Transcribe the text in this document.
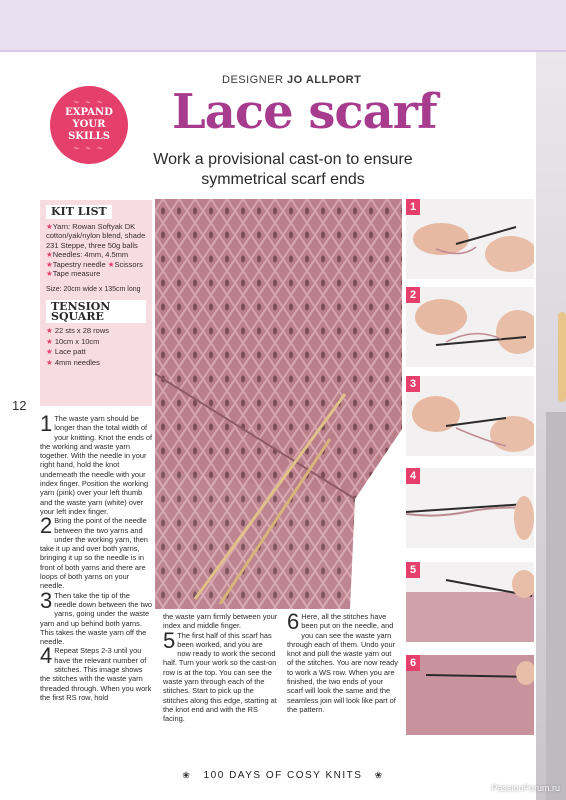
~ ~ ~
EXPAND
YOUR SKILLS
~ ~ ~
DESIGNER JO ALLPORT
Lace scarf
Work a provisional cast-on to ensure
symmetrical scarf ends
KIT LIST
★Yarn: Rowan Softyak DK cotton/yak/nylon blend, shade 231 Steppe, three 50g balls ★Needles: 4mm, 4.5mm ★Tapestry needle ★Scissors
★Tape measure
Size: 20cm wide x 135cm long
TENSION SQUARE
★ 22 sts x 28 rows
★ 10cm x 10cm
★ Lace patt
★ 4mm needles
12

1 The waste yarn should be longer than the total width of your knitting. Knot the ends of the working and waste yarn together. With the needle in your right hand, hold the knot underneath the needle with your index finger. Position the working yarn (pink) over your left thumb and the waste yarn (white) over your left index finger.

2 Bring the point of the needle between the two yarns and under the working yarn, then take it up and over both yarns, bringing it up so the needle is in front of both yarns and there are loops of both yarns on your needle.

3 Then take the tip of the needle down between the two yarns, going under the waste yarn and up behind both yarns. This takes the waste yarn off the needle.

4 Repeat Steps 2-3 until you have the relevant number of stitches. This image shows the stitches with the waste yarn threaded through. When you work the first RS row, hold

the waste yarn firmly between your index and middle finger.

5 The first half of this scarf has been worked, and you are now ready to work the second half. Turn your work so the cast-on row is at the top. You can see the waste yarn through each of the stitches. Start to pick up the stitches along this edge, starting at the knot end and with the RS facing.

6 Here, all the stitches have been put on the needle, and you can see the waste yarn through each of them. Undo your knot and pull the waste yarn out of the stitches. You are now ready to work a WS row. When you are finished, the two ends of your scarf will look the same and the seamless join will look like part of the pattern.

1
2
3
4
5
6
❀ 100 DAYS OF COSY KNITS ❀
PassionForum.ru
